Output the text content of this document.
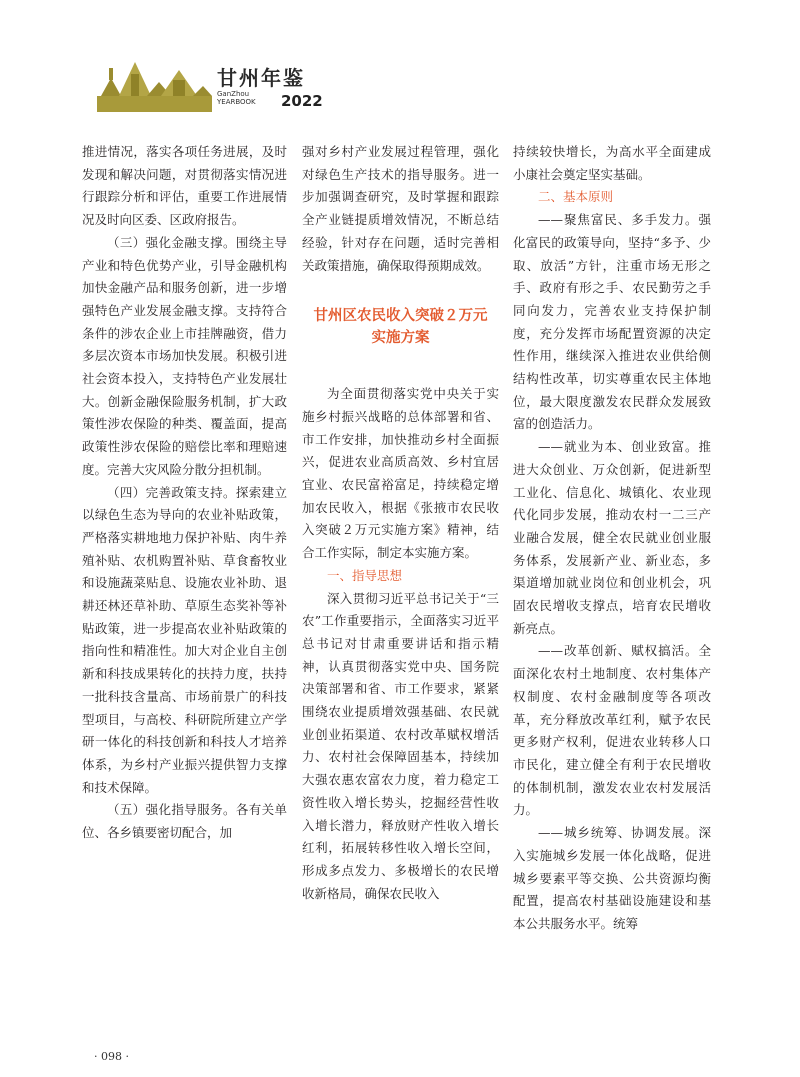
甘州年鉴
GanZhou
YEARBOOK 2022

推进情况，落实各项任务进展，及时发现和解决问题，对贯彻落实情况进行跟踪分析和评估，重要工作进展情况及时向区委、区政府报告。

（三）强化金融支撑。围绕主导产业和特色优势产业，引导金融机构加快金融产品和服务创新，进一步增强特色产业发展金融支撑。支持符合条件的涉农企业上市挂牌融资，借力多层次资本市场加快发展。积极引进社会资本投入，支持特色产业发展壮大。创新金融保险服务机制，扩大政策性涉农保险的种类、覆盖面，提高政策性涉农保险的赔偿比率和理赔速度。完善大灾风险分散分担机制。

（四）完善政策支持。探索建立以绿色生态为导向的农业补贴政策，严格落实耕地地力保护补贴、肉牛养殖补贴、农机购置补贴、草食畜牧业和设施蔬菜贴息、设施农业补助、退耕还林还草补助、草原生态奖补等补贴政策，进一步提高农业补贴政策的指向性和精准性。加大对企业自主创新和科技成果转化的扶持力度，扶持一批科技含量高、市场前景广的科技型项目，与高校、科研院所建立产学研一体化的科技创新和科技人才培养体系，为乡村产业振兴提供智力支撑和技术保障。

（五）强化指导服务。各有关单位、各乡镇要密切配合，加

强对乡村产业发展过程管理，强化对绿色生产技术的指导服务。进一步加强调查研究，及时掌握和跟踪全产业链提质增效情况，不断总结经验，针对存在问题，适时完善相关政策措施，确保取得预期成效。

甘州区农民收入突破２万元
实施方案

为全面贯彻落实党中央关于实施乡村振兴战略的总体部署和省、市工作安排，加快推动乡村全面振兴，促进农业高质高效、乡村宜居宜业、农民富裕富足，持续稳定增加农民收入，根据《张掖市农民收入突破２万元实施方案》精神，结合工作实际，制定本实施方案。

一、指导思想

深入贯彻习近平总书记关于“三农”工作重要指示，全面落实习近平总书记对甘肃重要讲话和指示精神，认真贯彻落实党中央、国务院决策部署和省、市工作要求，紧紧围绕农业提质增效强基础、农民就业创业拓渠道、农村改革赋权增活力、农村社会保障固基本，持续加大强农惠农富农力度，着力稳定工资性收入增长势头，挖掘经营性收入增长潜力，释放财产性收入增长红利，拓展转移性收入增长空间，形成多点发力、多极增长的农民增收新格局，确保农民收入

持续较快增长，为高水平全面建成小康社会奠定坚实基础。

二、基本原则

——聚焦富民、多手发力。强化富民的政策导向，坚持“多予、少取、放活”方针，注重市场无形之手、政府有形之手、农民勤劳之手同向发力，完善农业支持保护制度，充分发挥市场配置资源的决定性作用，继续深入推进农业供给侧结构性改革，切实尊重农民主体地位，最大限度激发农民群众发展致富的创造活力。

——就业为本、创业致富。推进大众创业、万众创新，促进新型工业化、信息化、城镇化、农业现代化同步发展，推动农村一二三产业融合发展，健全农民就业创业服务体系，发展新产业、新业态，多渠道增加就业岗位和创业机会，巩固农民增收支撑点，培育农民增收新亮点。

——改革创新、赋权搞活。全面深化农村土地制度、农村集体产权制度、农村金融制度等各项改革，充分释放改革红利，赋予农民更多财产权利，促进农业转移人口市民化，建立健全有利于农民增收的体制机制，激发农业农村发展活力。

——城乡统筹、协调发展。深入实施城乡发展一体化战略，促进城乡要素平等交换、公共资源均衡配置，提高农村基础设施建设和基本公共服务水平。统筹

· 098 ·
